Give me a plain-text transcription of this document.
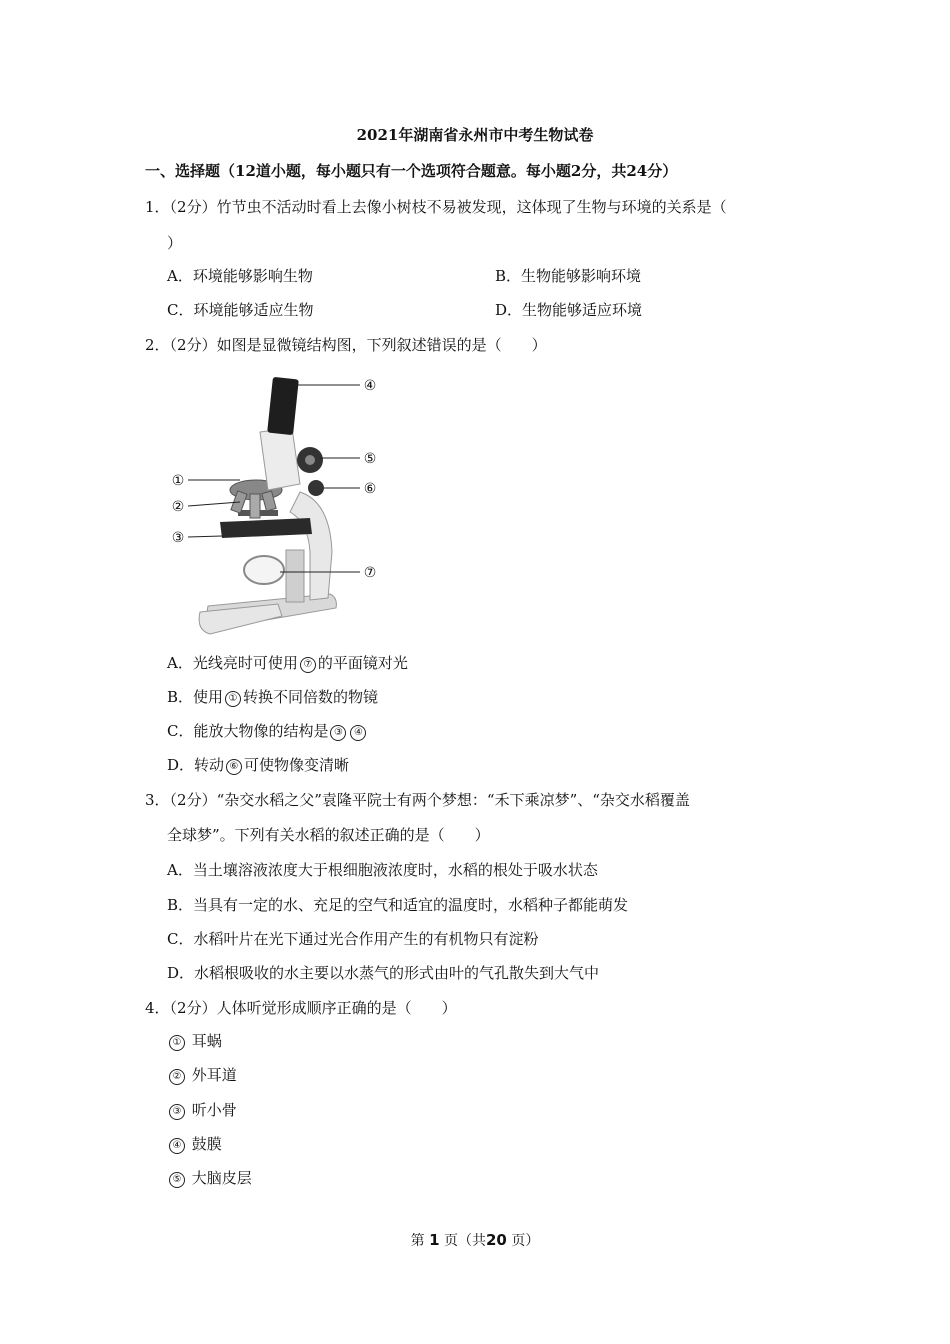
2021年湖南省永州市中考生物试卷
一、选择题（12道小题，每小题只有一个选项符合题意。每小题2分，共24分）
1．（2分）竹节虫不活动时看上去像小树枝不易被发现，这体现了生物与环境的关系是（
）
A．环境能够影响生物	B．生物能够影响环境
C．环境能够适应生物	D．生物能够适应环境
2．（2分）如图是显微镜结构图，下列叙述错误的是（　　）
④
⑤
⑥
⑦
①
②
③
A．光线亮时可使用 ⑦ 的平面镜对光
B．使用 ① 转换不同倍数的物镜
C．能放大物像的结构是 ③ ④
D．转动 ⑥ 可使物像变清晰
3．（2分）“杂交水稻之父”袁隆平院士有两个梦想：“禾下乘凉梦”、“杂交水稻覆盖
全球梦”。下列有关水稻的叙述正确的是（　　）
A．当土壤溶液浓度大于根细胞液浓度时，水稻的根处于吸水状态
B．当具有一定的水、充足的空气和适宜的温度时，水稻种子都能萌发
C．水稻叶片在光下通过光合作用产生的有机物只有淀粉
D．水稻根吸收的水主要以水蒸气的形式由叶的气孔散失到大气中
4．（2分）人体听觉形成顺序正确的是（　　）
① 耳蜗
② 外耳道
③ 听小骨
④ 鼓膜
⑤ 大脑皮层
第 1 页（共20 页）
